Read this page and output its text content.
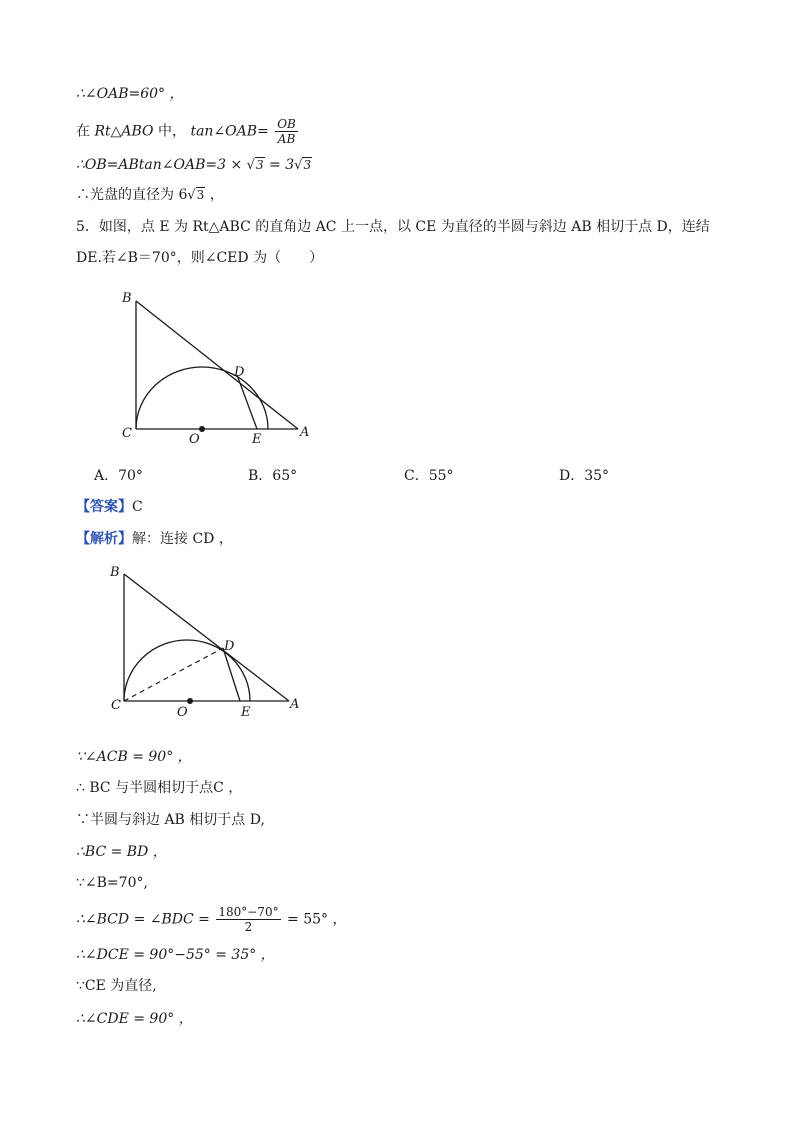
∴∠OAB=60° ，
在 Rt△ABO 中， tan∠OAB= $\frac{OB}{AB}$
∴OB=ABtan∠OAB=3 × √3 = 3√3
∴光盘的直径为 6√3 ，
5．如图，点 E 为 Rt△ABC 的直角边 AC 上一点，以 CE 为直径的半圆与斜边 AB 相切于点 D，连结
DE.若∠B＝70°，则∠CED 为（　　）
B
D
C	O	E	A
A．70°	B．65°	C．55°	D．35°
【答案】C
【解析】解：连接 CD ，
B
D
C	O	E
A
∵∠ACB = 90° ，
∴ BC 与半圆相切于点C ，
∵半圆与斜边 AB 相切于点 D,
∴BC = BD ，
∵∠B=70°,
∴∠BCD = ∠BDC = $\frac{180^\circ-70^\circ}{2} = 55^\circ$ ，
∴∠DCE = 90°−55° = 35° ，
∵CE 为直径,
∴∠CDE = 90° ，
